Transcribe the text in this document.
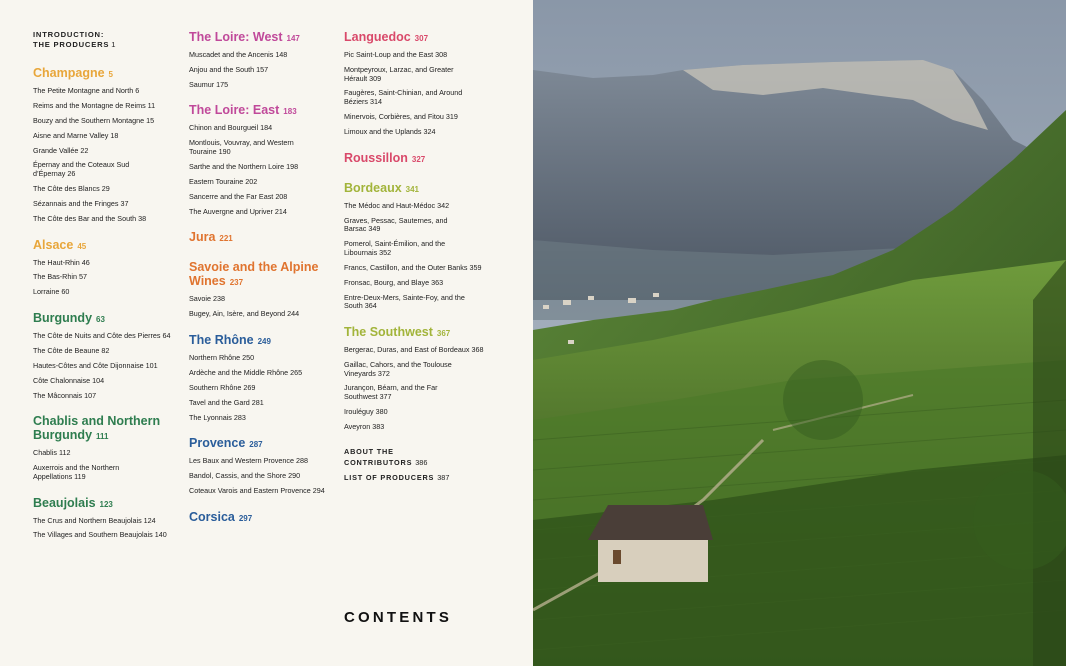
INTRODUCTION:
THE PRODUCERS 1
Champagne 5
The Petite Montagne and North 6
Reims and the Montagne de Reims 11
Bouzy and the Southern Montagne 15
Aisne and Marne Valley 18
Grande Vallée 22
Épernay and the Coteaux Sud d’Épernay 26
The Côte des Blancs 29
Sézannais and the Fringes 37
The Côte des Bar and the South 38
Alsace 45
The Haut-Rhin 46
The Bas-Rhin 57
Lorraine 60
Burgundy 63
The Côte de Nuits and Côte des Pierres 64
The Côte de Beaune 82
Hautes-Côtes and Côte Dijonnaise 101
Côte Chalonnaise 104
The Mâconnais 107
Chablis and Northern Burgundy 111
Chablis 112
Auxerrois and the Northern Appellations 119
Beaujolais 123
The Crus and Northern Beaujolais 124
The Villages and Southern Beaujolais 140
The Loire: West 147
Muscadet and the Ancenis 148
Anjou and the South 157
Saumur 175
The Loire: East 183
Chinon and Bourgueil 184
Montlouis, Vouvray, and Western Touraine 190
Sarthe and the Northern Loire 198
Eastern Touraine 202
Sancerre and the Far East 208
The Auvergne and Upriver 214
Jura 221
Savoie and the Alpine Wines 237
Savoie 238
Bugey, Ain, Isère, and Beyond 244
The Rhône 249
Northern Rhône 250
Ardèche and the Middle Rhône 265
Southern Rhône 269
Tavel and the Gard 281
The Lyonnais 283
Provence 287
Les Baux and Western Provence 288
Bandol, Cassis, and the Shore 290
Coteaux Varois and Eastern Provence 294
Corsica 297
Languedoc 307
Pic Saint-Loup and the East 308
Montpeyroux, Larzac, and Greater Hérault 309
Faugères, Saint-Chinian, and Around Béziers 314
Minervois, Corbières, and Fitou 319
Limoux and the Uplands 324
Roussillon 327
Bordeaux 341
The Médoc and Haut-Médoc 342
Graves, Pessac, Sauternes, and Barsac 349
Pomerol, Saint-Émilion, and the Libournais 352
Francs, Castillon, and the Outer Banks 359
Fronsac, Bourg, and Blaye 363
Entre-Deux-Mers, Sainte-Foy, and the South 364
The Southwest 367
Bergerac, Duras, and East of Bordeaux 368
Gaillac, Cahors, and the Toulouse Vineyards 372
Jurançon, Béarn, and the Far Southwest 377
Irouléguy 380
Aveyron 383
ABOUT THE
CONTRIBUTORS 386
LIST OF PRODUCERS 387
CONTENTS
